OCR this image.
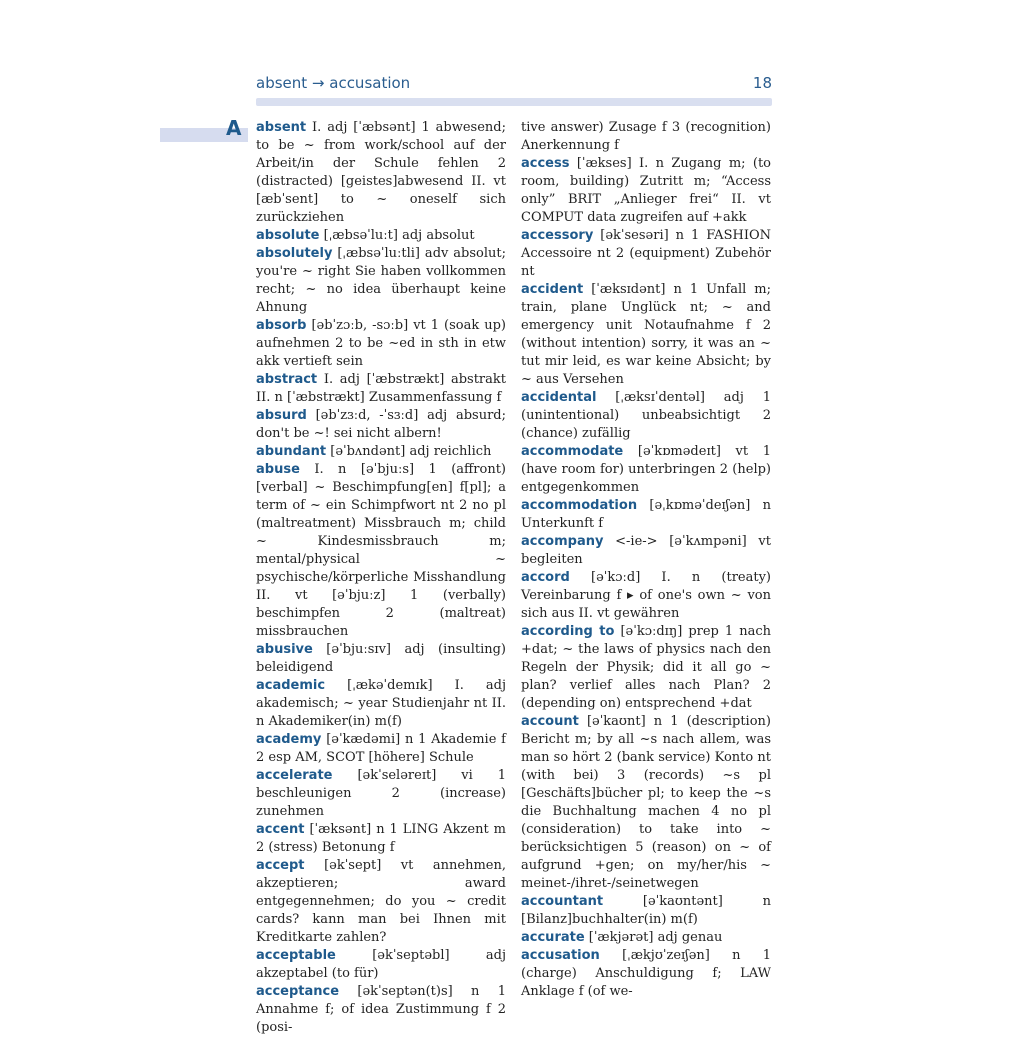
absent → accusation	18
A absent I. adj [ˈæbsənt] 1 abwesend; to be ~ from work/school auf der Arbeit/in der Schule fehlen 2 (distracted) [geistes]abwesend II. vt [æbˈsent] to ~ oneself sich zurückziehen

absolute [ˌæbsəˈluːt] adj absolut

absolutely [ˌæbsəˈluːtli] adv absolut; you're ~ right Sie haben vollkommen recht; ~ no idea überhaupt keine Ahnung

absorb [əbˈzɔːb, -sɔːb] vt 1 (soak up) aufnehmen 2 to be ~ed in sth in etw akk vertieft sein

abstract I. adj [ˈæbstrækt] abstrakt II. n [ˈæbstrækt] Zusammenfassung f

absurd [əbˈzɜːd, -ˈsɜːd] adj absurd; don't be ~! sei nicht albern!

abundant [əˈbʌndənt] adj reichlich

abuse I. n [əˈbjuːs] 1 (affront) [verbal] ~ Beschimpfung[en] f[pl]; a term of ~ ein Schimpfwort nt 2 no pl (maltreatment) Missbrauch m; child ~ Kindesmissbrauch m; mental/physical ~ psychische/körperliche Misshandlung II. vt [əˈbjuːz] 1 (verbally) beschimpfen 2 (maltreat) missbrauchen

abusive [əˈbjuːsɪv] adj (insulting) beleidigend

academic [ˌækəˈdemɪk] I. adj akademisch; ~ year Studienjahr nt II. n Akademiker(in) m(f)

academy [əˈkædəmi] n 1 Akademie f 2 esp AM, SCOT [höhere] Schule

accelerate [əkˈseləreɪt] vi 1 beschleunigen 2 (increase) zunehmen

accent [ˈæksənt] n 1 LING Akzent m 2 (stress) Betonung f

accept [əkˈsept] vt annehmen, akzeptieren; award entgegennehmen; do you ~ credit cards? kann man bei Ihnen mit Kreditkarte zahlen?

acceptable [əkˈseptəbl] adj akzeptabel (to für)

acceptance [əkˈseptən(t)s] n 1 Annahme f; of idea Zustimmung f 2 (posi-

tive answer) Zusage f 3 (recognition) Anerkennung f

access [ˈækses] I. n Zugang m; (to room, building) Zutritt m; “Access only” BRIT „Anlieger frei“ II. vt COMPUT data zugreifen auf +akk

accessory [əkˈsesəri] n 1 FASHION Accessoire nt 2 (equipment) Zubehör nt

accident [ˈæksɪdənt] n 1 Unfall m; train, plane Unglück nt; ~ and emergency unit Notaufnahme f 2 (without intention) sorry, it was an ~ tut mir leid, es war keine Absicht; by ~ aus Versehen

accidental [ˌæksɪˈdentəl] adj 1 (unintentional) unbeabsichtigt 2 (chance) zufällig

accommodate [əˈkɒmədeɪt] vt 1 (have room for) unterbringen 2 (help) entgegenkommen

accommodation [əˌkɒməˈdeɪʃən] n Unterkunft f

accompany <-ie-> [əˈkʌmpəni] vt begleiten

accord [əˈkɔːd] I. n (treaty) Vereinbarung f ▸ of one's own ~ von sich aus II. vt gewähren

according to [əˈkɔːdɪŋ] prep 1 nach +dat; ~ the laws of physics nach den Regeln der Physik; did it all go ~ plan? verlief alles nach Plan? 2 (depending on) entsprechend +dat

account [əˈkaʊnt] n 1 (description) Bericht m; by all ~s nach allem, was man so hört 2 (bank service) Konto nt (with bei) 3 (records) ~s pl [Geschäfts]bücher pl; to keep the ~s die Buchhaltung machen 4 no pl (consideration) to take into ~ berücksichtigen 5 (reason) on ~ of aufgrund +gen; on my/her/his ~ meinet-/ihret-/seinetwegen

accountant [əˈkaʊntənt] n [Bilanz]buchhalter(in) m(f)

accurate [ˈækjərət] adj genau

accusation [ˌækjʊˈzeɪʃən] n 1 (charge) Anschuldigung f; LAW Anklage f (of we-
